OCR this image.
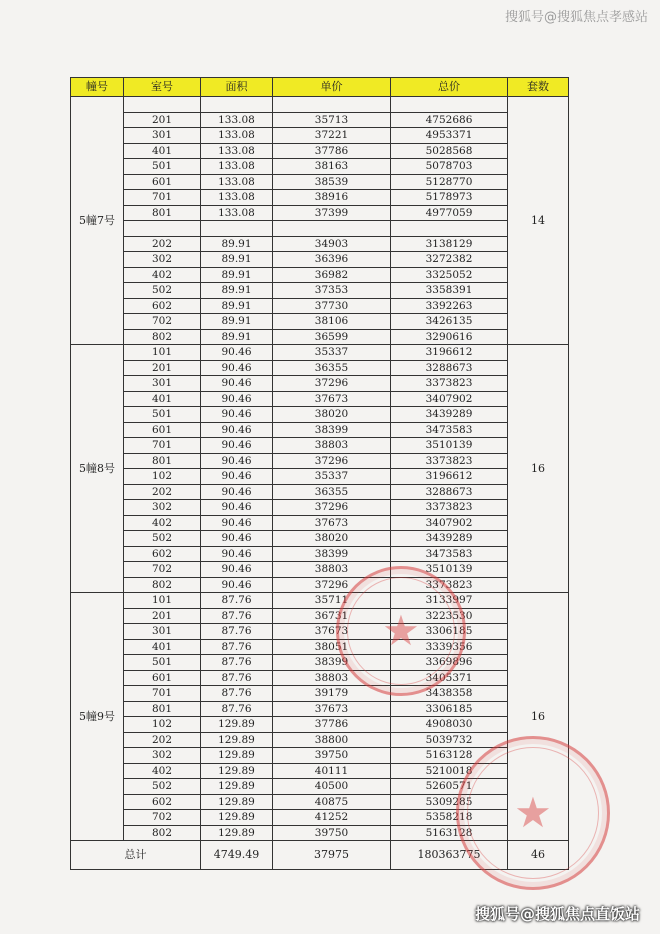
搜狐号@搜狐焦点孝感站
幢号	室号	面积	单价	总价	套数
5幢7号					14
	201	133.08	35713	4752686	
	301	133.08	37221	4953371	
	401	133.08	37786	5028568	
	501	133.08	38163	5078703	
	601	133.08	38539	5128770	
	701	133.08	38916	5178973	
	801	133.08	37399	4977059	

	202	89.91	34903	3138129	
	302	89.91	36396	3272382	
	402	89.91	36982	3325052	
	502	89.91	37353	3358391	
	602	89.91	37730	3392263	
	702	89.91	38106	3426135	
	802	89.91	36599	3290616	
5幢8号	101	90.46	35337	3196612	16
	201	90.46	36355	3288673	
	301	90.46	37296	3373823	
	401	90.46	37673	3407902	
	501	90.46	38020	3439289	
	601	90.46	38399	3473583	
	701	90.46	38803	3510139	
	801	90.46	37296	3373823	
	102	90.46	35337	3196612	
	202	90.46	36355	3288673	
	302	90.46	37296	3373823	
	402	90.46	37673	3407902	
	502	90.46	38020	3439289	
	602	90.46	38399	3473583	
	702	90.46	38803	3510139	
	802	90.46	37296	3373823	
5幢9号	101	87.76	35711	3133997	16
	201	87.76	36731	3223530	
	301	87.76	37673	3306185	
	401	87.76	38051	3339356	
	501	87.76	38399	3369896	
	601	87.76	38803	3405371	
	701	87.76	39179	3438358	
	801	87.76	37673	3306185	
	102	129.89	37786	4908030	
	202	129.89	38800	5039732	
	302	129.89	39750	5163128	
	402	129.89	40111	5210018	
	502	129.89	40500	5260571	
	602	129.89	40875	5309285	
	702	129.89	41252	5358218	
	802	129.89	39750	5163128	
总计		4749.49	37975	180363775	46
★
★
搜狐号@搜狐焦点直饭站
